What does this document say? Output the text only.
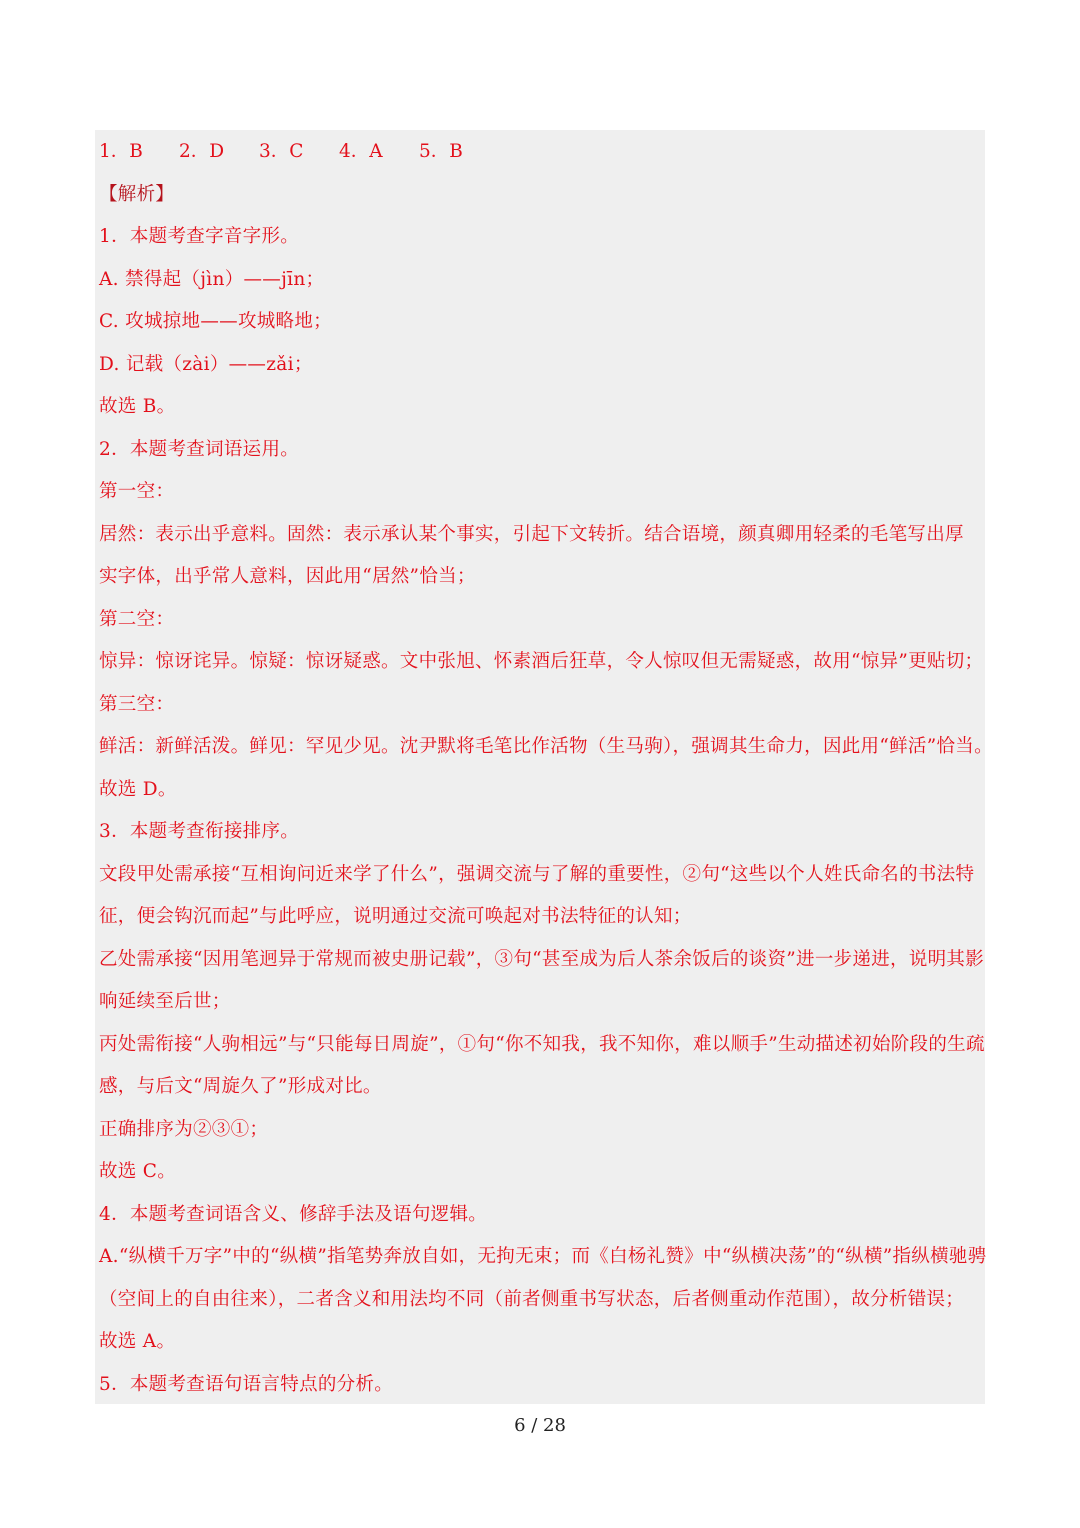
1．B	2．D	3．C	4．A	5．B
【解析】
1．本题考查字音字形。
A. 禁得起（jìn）——jīn；
C. 攻城掠地——攻城略地；
D. 记载（zài）——zǎi；
故选 B。
2．本题考查词语运用。
第一空：
居然：表示出乎意料。固然：表示承认某个事实，引起下文转折。结合语境，颜真卿用轻柔的毛笔写出厚
实字体，出乎常人意料，因此用“居然”恰当；
第二空：
惊异：惊讶诧异。惊疑：惊讶疑惑。文中张旭、怀素酒后狂草，令人惊叹但无需疑惑，故用“惊异”更贴切；
第三空：
鲜活：新鲜活泼。鲜见：罕见少见。沈尹默将毛笔比作活物（生马驹），强调其生命力，因此用“鲜活”恰当。
故选 D。
3．本题考查衔接排序。
文段甲处需承接“互相询问近来学了什么”，强调交流与了解的重要性，②句“这些以个人姓氏命名的书法特
征，便会钩沉而起”与此呼应，说明通过交流可唤起对书法特征的认知；
乙处需承接“因用笔迥异于常规而被史册记载”，③句“甚至成为后人茶余饭后的谈资”进一步递进，说明其影
响延续至后世；
丙处需衔接“人驹相远”与“只能每日周旋”，①句“你不知我，我不知你，难以顺手”生动描述初始阶段的生疏
感，与后文“周旋久了”形成对比。
正确排序为②③①；
故选 C。
4．本题考查词语含义、修辞手法及语句逻辑。
A.“纵横千万字”中的“纵横”指笔势奔放自如，无拘无束；而《白杨礼赞》中“纵横决荡”的“纵横”指纵横驰骋
（空间上的自由往来），二者含义和用法均不同（前者侧重书写状态，后者侧重动作范围），故分析错误；
故选 A。
5．本题考查语句语言特点的分析。
6 / 28
